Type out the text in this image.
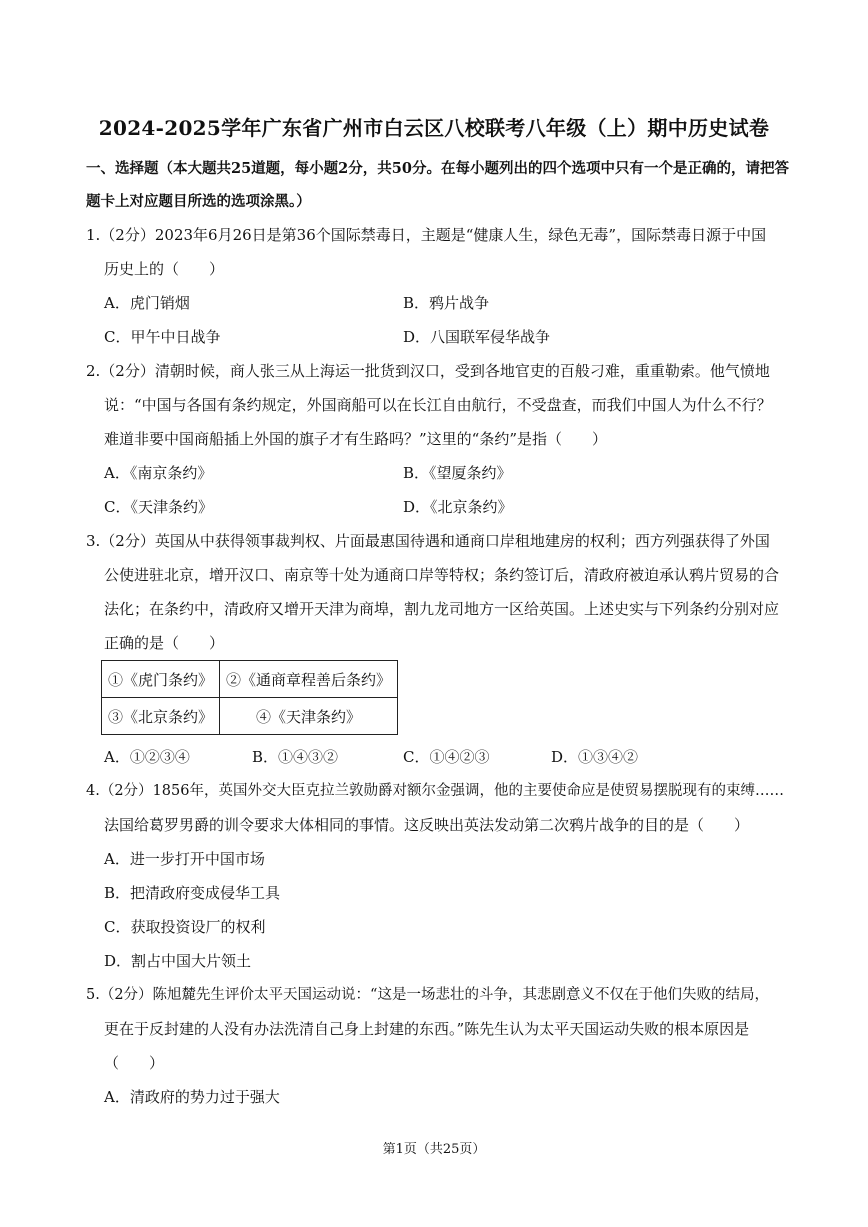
2024-2025学年广东省广州市白云区八校联考八年级（上）期中历史试卷
一、选择题（本大题共25道题，每小题2分，共50分。在每小题列出的四个选项中只有一个是正确的，请把答题卡上对应题目所选的选项涂黑。）
1.（2分）2023年6月26日是第36个国际禁毒日，主题是“健康人生，绿色无毒”，国际禁毒日源于中国
历史上的（　　）
A．虎门销烟	B．鸦片战争
C．甲午中日战争	D．八国联军侵华战争
2.（2分）清朝时候，商人张三从上海运一批货到汉口，受到各地官吏的百般刁难，重重勒索。他气愤地
说：“中国与各国有条约规定，外国商船可以在长江自由航行，不受盘查，而我们中国人为什么不行？
难道非要中国商船插上外国的旗子才有生路吗？”这里的“条约”是指（　　）
A．《南京条约》	B．《望厦条约》
C．《天津条约》	D．《北京条约》
3.（2分）英国从中获得领事裁判权、片面最惠国待遇和通商口岸租地建房的权利；西方列强获得了外国
公使进驻北京，增开汉口、南京等十处为通商口岸等特权；条约签订后，清政府被迫承认鸦片贸易的合
法化；在条约中，清政府又增开天津为商埠，割九龙司地方一区给英国。上述史实与下列条约分别对应
正确的是（　　）
①《虎门条约》	②《通商章程善后条约》
③《北京条约》	④《天津条约》
A．①②③④	B．①④③②	C．①④②③	D．①③④②
4.（2分）1856年，英国外交大臣克拉兰敦勋爵对额尔金强调，他的主要使命应是使贸易摆脱现有的束缚……
法国给葛罗男爵的训令要求大体相同的事情。这反映出英法发动第二次鸦片战争的目的是（　　）
A．进一步打开中国市场
B．把清政府变成侵华工具
C．获取投资设厂的权利
D．割占中国大片领土
5.（2分）陈旭麓先生评价太平天国运动说：“这是一场悲壮的斗争，其悲剧意义不仅在于他们失败的结局，
更在于反封建的人没有办法洗清自己身上封建的东西。”陈先生认为太平天国运动失败的根本原因是
（　　）
A．清政府的势力过于强大
第1页（共25页）
